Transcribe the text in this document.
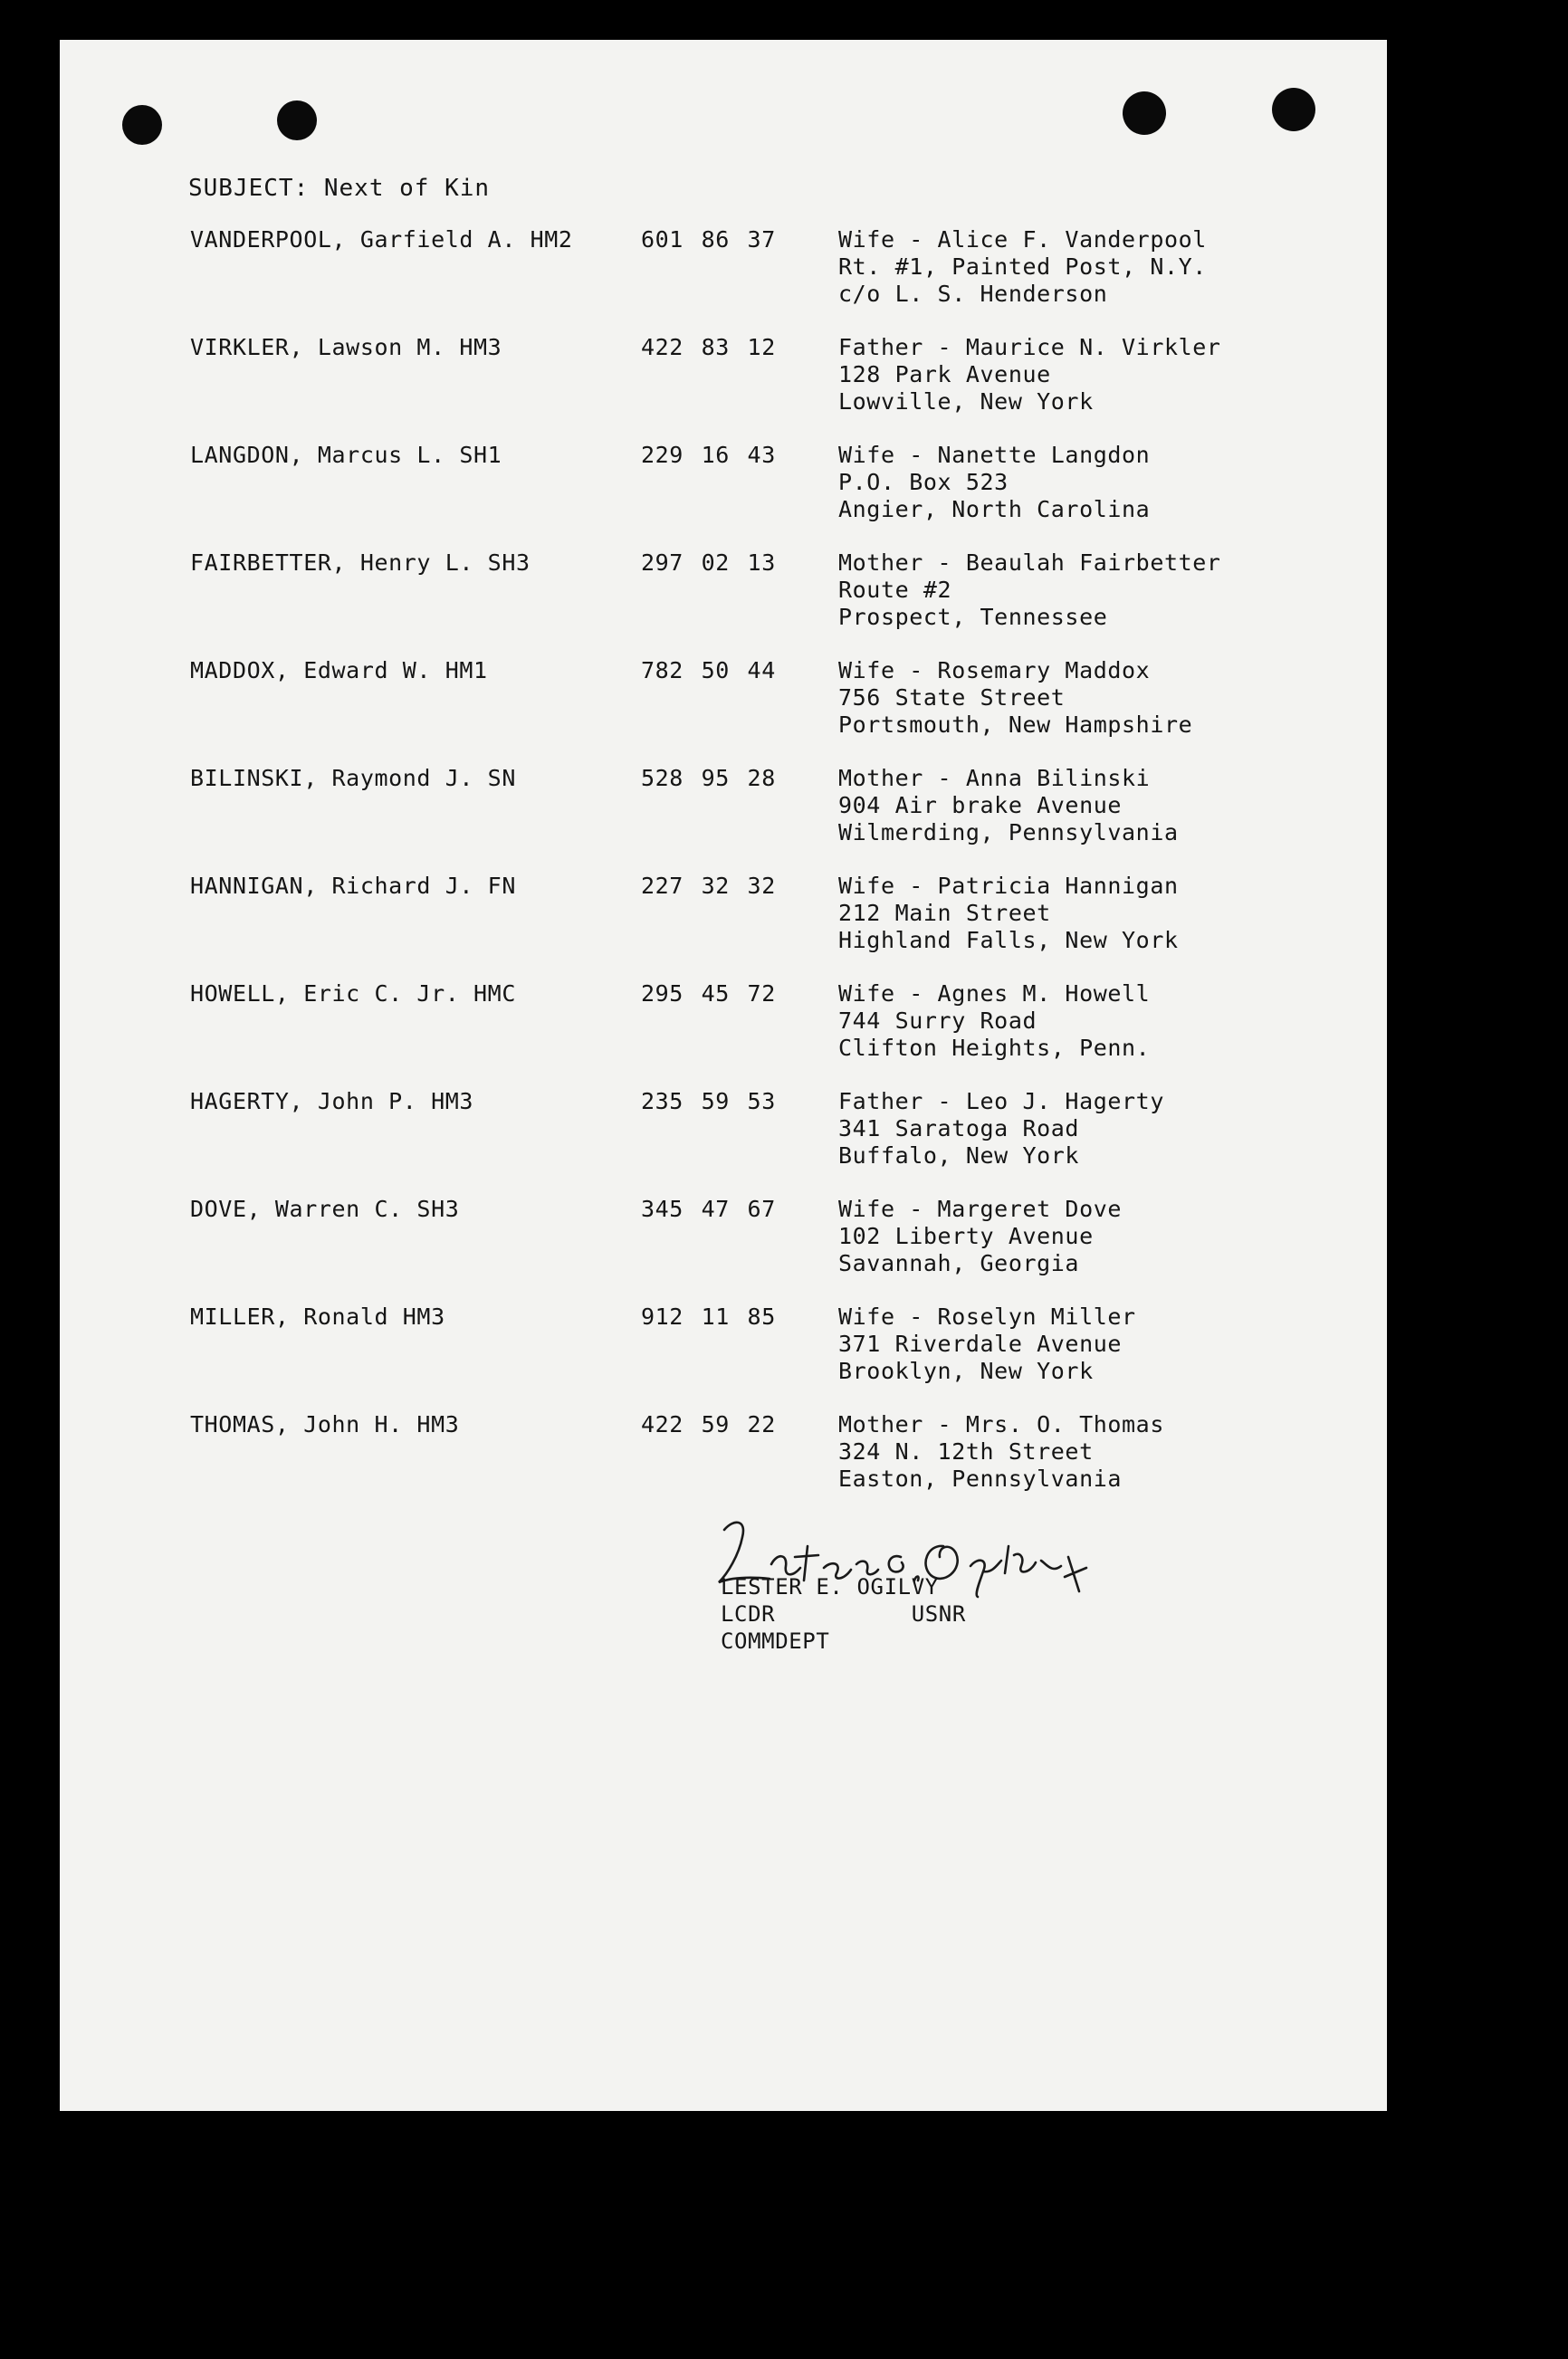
SUBJECT: Next of Kin
VANDERPOOL, Garfield A. HM2	601 86 37	Wife - Alice F. Vanderpool
Rt. #1, Painted Post, N.Y.
c/o L. S. Henderson
VIRKLER, Lawson M. HM3	422 83 12	Father - Maurice N. Virkler
128 Park Avenue
Lowville, New York
LANGDON, Marcus L. SH1	229 16 43	Wife - Nanette Langdon
P.O. Box 523
Angier, North Carolina
FAIRBETTER, Henry L. SH3	297 02 13	Mother - Beaulah Fairbetter
Route #2
Prospect, Tennessee
MADDOX, Edward W. HM1	782 50 44	Wife - Rosemary Maddox
756 State Street
Portsmouth, New Hampshire
BILINSKI, Raymond J. SN	528 95 28	Mother - Anna Bilinski
904 Air brake Avenue
Wilmerding, Pennsylvania
HANNIGAN, Richard J. FN	227 32 32	Wife - Patricia Hannigan
212 Main Street
Highland Falls, New York
HOWELL, Eric C. Jr. HMC	295 45 72	Wife - Agnes M. Howell
744 Surry Road
Clifton Heights, Penn.
HAGERTY, John P. HM3	235 59 53	Father - Leo J. Hagerty
341 Saratoga Road
Buffalo, New York
DOVE, Warren C. SH3	345 47 67	Wife - Margeret Dove
102 Liberty Avenue
Savannah, Georgia
MILLER, Ronald HM3	912 11 85	Wife - Roselyn Miller
371 Riverdale Avenue
Brooklyn, New York
THOMAS, John H. HM3	422 59 22	Mother - Mrs. O. Thomas
324 N. 12th Street
Easton, Pennsylvania
LESTER E. OGILVY
LCDR          USNR
COMMDEPT
